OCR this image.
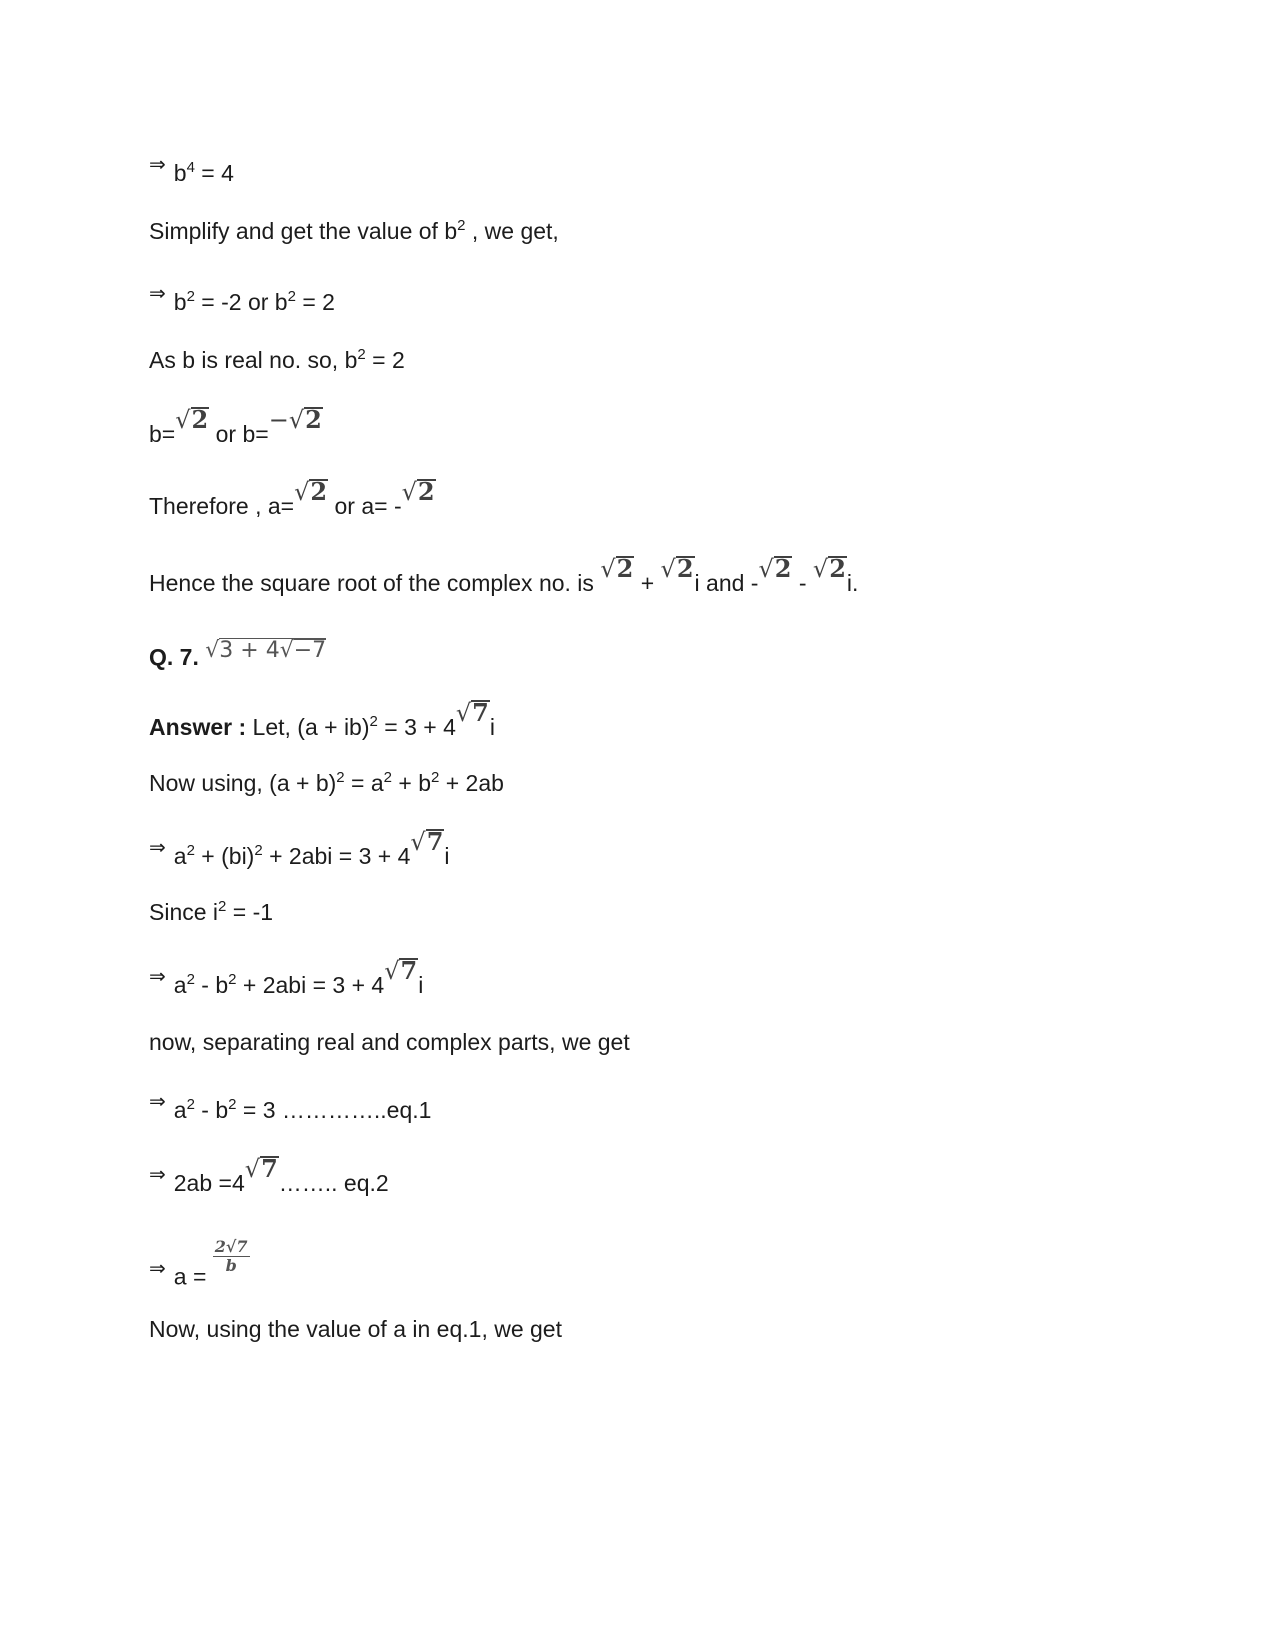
⇒ $b^4 = 4$
Simplify and get the value of $b^2$ , we get,
⇒ $b^2 = -2$ or $b^2 = 2$
As b is real no. so, $b^2 = 2$
b=√2 or b=−√2
Therefore , a=√2 or a= -√2
Hence the square root of the complex no. is √2 + √2i and -√2 - √2i.
Q. 7. √3 + 4√−7
Answer : Let, (a + ib)$^2$ = 3 + 4√7i
Now using, $(a + b)^2 = a^2 + b^2 + 2ab$
⇒ $a^2 + (bi)^2 + 2abi = 3 + 4√7i$
Since $i^2 = -1$
⇒ $a^2 - b^2 + 2abi = 3 + 4√7i$
now, separating real and complex parts, we get
⇒ $a^2 - b^2 = 3$ …………..eq.1
⇒ 2ab =4√7…….. eq.2
⇒ a =
$\frac{2√7}{b}$
Now, using the value of a in eq.1, we get
